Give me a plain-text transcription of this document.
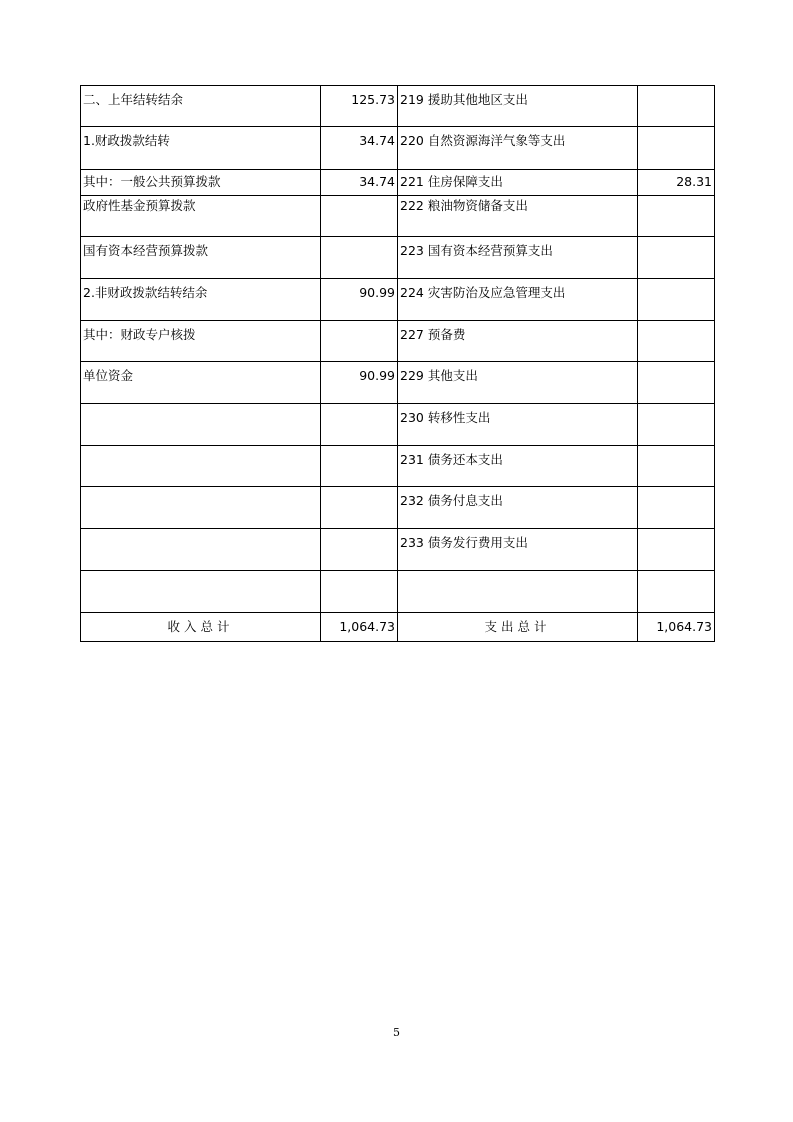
二、上年结转结余	125.73	219 援助其他地区支出	
1.财政拨款结转	34.74	220 自然资源海洋气象等支出	
其中：一般公共预算拨款	34.74	221 住房保障支出	28.31
政府性基金预算拨款		222 粮油物资储备支出	
国有资本经营预算拨款		223 国有资本经营预算支出	
2.非财政拨款结转结余	90.99	224 灾害防治及应急管理支出	
其中：财政专户核拨		227 预备费	
单位资金	90.99	229 其他支出	
		230 转移性支出	
		231 债务还本支出	
		232 债务付息支出	
		233 债务发行费用支出	

收入总计	1,064.73	支出总计	1,064.73
5
